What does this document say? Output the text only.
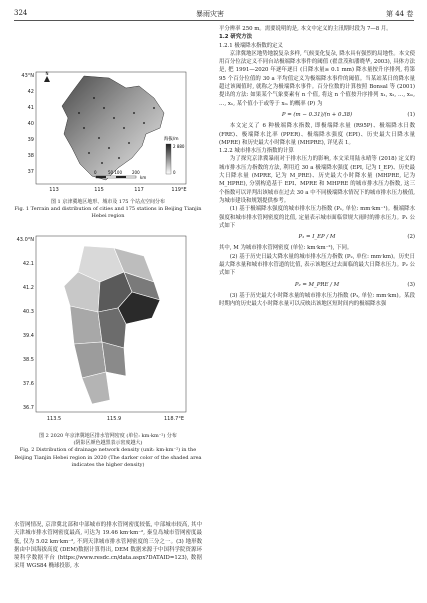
324	暴雨灾害	第 44 卷
43°N
42
41
40
39
38
37
113	115	117	119°E
N
海拔/m
2 880
0
0	50 100	200
km
图 1 京津冀地区地形、城市及 175 个站点空间分布
Fig. 1 Terrain and distribution of cities and 175 stations in Beijing Tianjin Hebei region
43.0°N
42.1
41.2
40.3
39.4
38.5
37.6
36.7
113.5	115.9	118.7°E
图 2 2020 年京津冀地区排水管网密度 (单位: km·km⁻²) 分布
(阴影区颜色越黑表示密度越大)
Fig. 2 Distribution of drainage network density (unit: km·km⁻²) in the Beijing Tianjin Hebei region in 2020 (The darker color of the shaded area indicates the higher density)

水管网情况, 京津冀北部和中部城市的排水管网密度较低, 中部城市较高, 其中天津城市排水管网密度最高, 可达为 19.46 km·km⁻², 秦皇岛城市管网密度最低, 仅为 5.02 km·km⁻², 不到天津城市排水管网密度的三分之一。(3) 地形数据由中国海拔高度 (DEM)数据计算得出, DEM 数据来源于中国科学院资源环境科学数据平台 (https://www.resdc.cn/data.aspx?DATAID=123), 数据采用 WGS84 椭球投影, 水

平分辨率 250 m。需要说明的是, 本文中定义的主汛期时段为 7—8 月。

1.2 研究方法
1.2.1 极端降水指数的定义

京津冀地区地势地貌复杂多样, 气候变化复杂, 降水具有强烈的局地性。本文使用百分位法定义不同台站极端降水事件的阈值 (翟盘茂和潘晓华, 2003), 具体方法是, 把 1991—2020 年逐年逐日 (日降水量≥ 0.1 mm) 降水量按升序排列, 将第 95 个百分位值的 30 a 平均值定义为极端降水事件的阈值。当某站某日的降水量超过该阈值时, 就称之为极端降水事件。百分位数的计算按照 Bonsal 等 (2001) 提出的方法: 如果某个气象要素有 n 个值, 将这 n 个值按升序排列 x₁, x₂, …, xₘ, …, xₙ, 某个值小于或等于 xₘ 的概率 (P) 为

P = (m − 0.31)/(n + 0.38)	(1)

本文定义了 6 种极端降水指数, 即极端降水量 (R95P)、极端降水日数 (FRE)、极端降水比率 (PPER)、极端降水强度 (EPI)、历史最大日降水量 (MPRE) 和历史最大小时降水量 (MHPRE), 详见表 1。

1.2.2 城市排水压力指数的计算

为了探究京津冀暴雨对于排水压力的影响, 本文采用陆永晴等 (2018) 定义的城市排水压力指数的方法, 利用近 30 a 极端降水强度 (EPI, 记为 I_EP)、历史最大日降水量 (MPRE, 记为 M_PRE)、历史最大小时降水量 (MHPRE, 记为 M_HPRE), 分别构造基于 EPI、MPRE 和 MHPRE 的城市排水压力指数, 这三个指数可以评判出该城市在过去 30 a 中不同极端降水情况下的城市排水压力极值, 为城市建设和规划提供参考。

(1) 基于极端降水强度的城市排水压力指数 (P₁, 单位: mm·km⁻¹)。极端降水强度和城市排水管网密度的比值, 定量表示城市面临常规大雨时的排水压力。P₁ 公式如下

P₁ = I_EP / M	(2)

其中, M 为城市排水管网密度 (单位: km·km⁻²), 下同。

(2) 基于历史日最大降水量的城市排水压力指数 (P₂, 单位: mm·km)。历史日最大降水量和城市排水管道的比值, 表示该地区过去面临的最大日降水压力。P₂ 公式如下

P₂ = M_PRE / M	(3)

(3) 基于历史最大小时降水量的城市排水压力指数 (P₃, 单位: mm·km)。某段时期内的历史最大小时降水量可以反映出该地区短时间内的极端降水强
